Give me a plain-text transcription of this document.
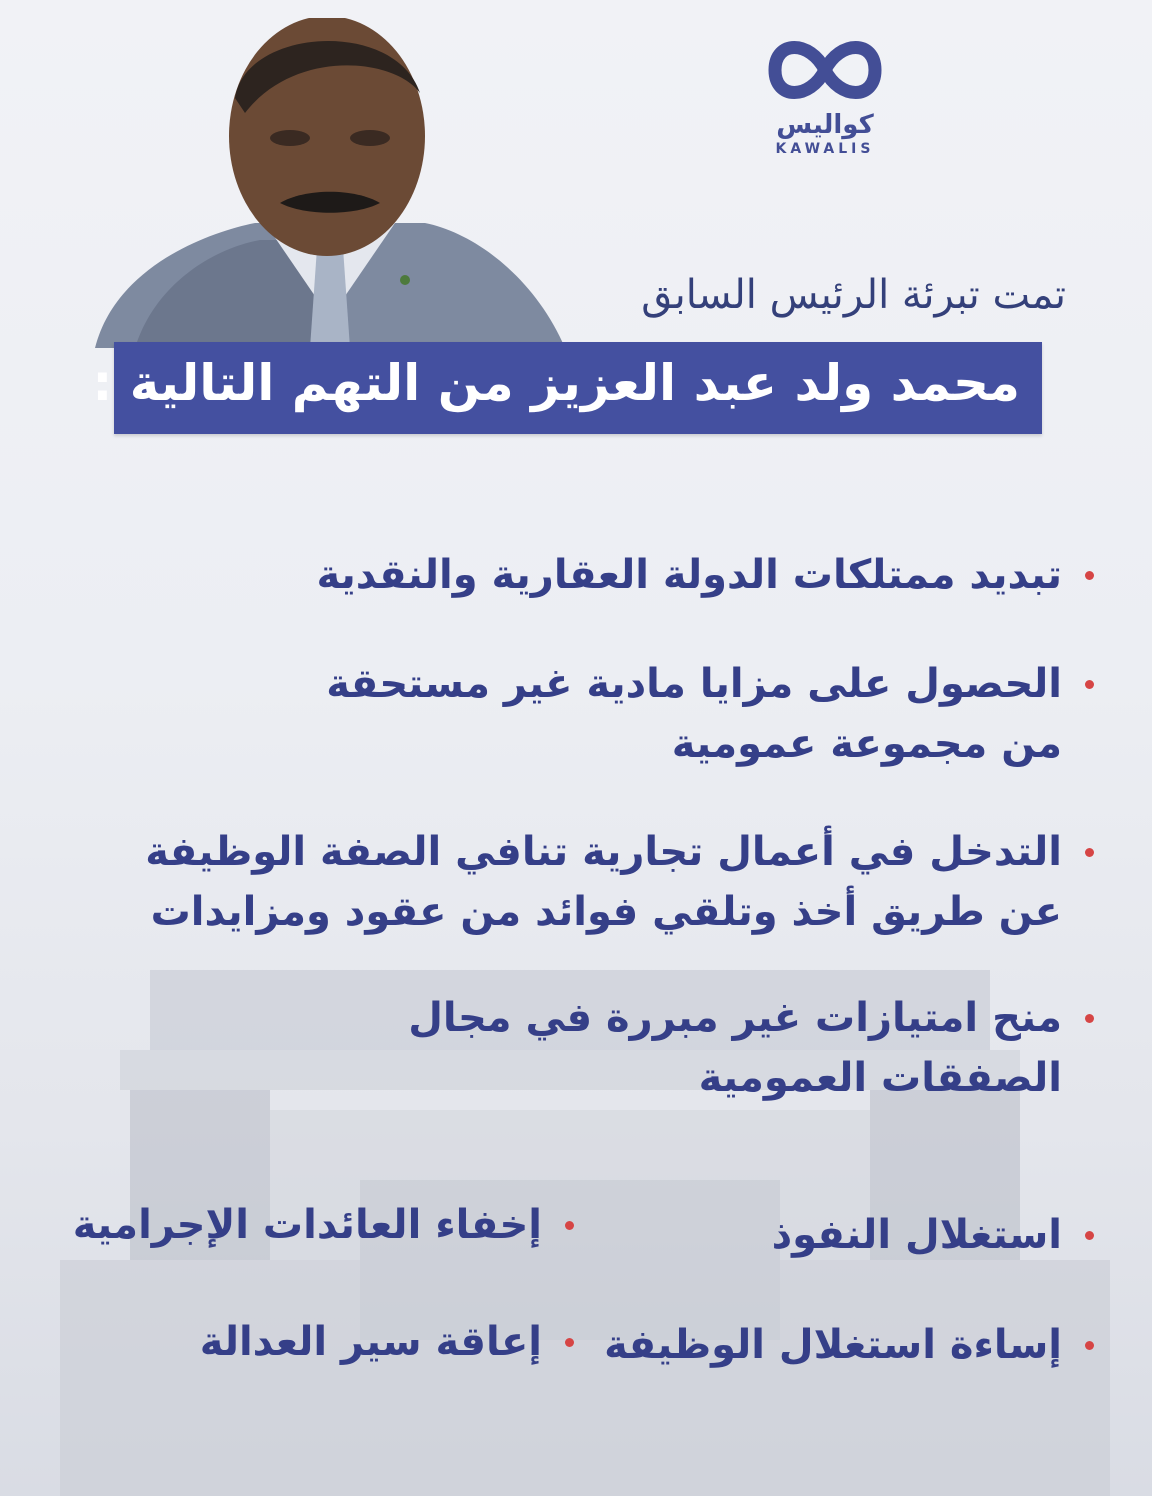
كواليس
KAWALIS
تمت تبرئة الرئيس السابق
محمد ولد عبد العزيز من التهم التالية :
تبديد ممتلكات الدولة العقارية والنقدية
الحصول على مزايا مادية غير مستحقة
من مجموعة عمومية
التدخل في أعمال تجارية تنافي الصفة الوظيفة
عن طريق أخذ وتلقي فوائد من عقود ومزايدات
منح امتيازات غير مبررة في مجال
الصفقات العمومية
استغلال النفوذ
إساءة استغلال الوظيفة
إخفاء العائدات الإجرامية
إعاقة سير العدالة
